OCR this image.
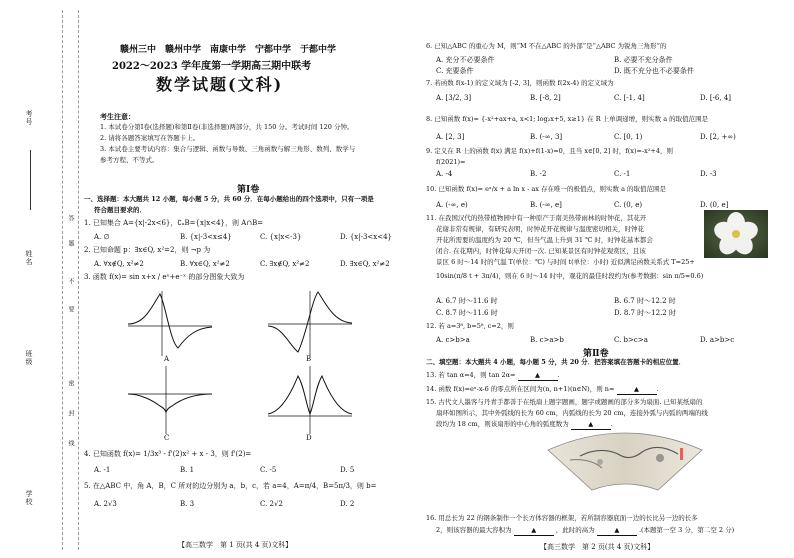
考号
姓名
班级
学校
答
题
不
要
密
封
线
赣州三中　赣州中学　南康中学　宁都中学　于都中学
2022～2023 学年度第一学期高三期中联考
数学试题(文科)
考生注意：
1. 本试卷分第Ⅰ卷(选择题)和第Ⅱ卷(非选择题)两部分，共 150 分。考试时间 120 分钟。
2. 请将各题答案填写在答题卡上。
3. 本试卷主要考试内容：集合与逻辑、函数与导数、三角函数与解三角形、数列、数学与
参考方程、不等式。
第Ⅰ卷
一、选择题：本大题共 12 小题，每小题 5 分，共 60 分．在每小题给出的四个选项中，只有一项是
符合题目要求的．
1. 已知集合 A={x|-2x<6}，∁ₐB={x|x<4}，则 A∩B=
A. ∅	B. {x|-3<x≤4}	C. {x|x<-3}	D. {x|-3<x<4}
2. 已知命题 p：∃x∈Q, x²=2，则 ¬p 为
A. ∀x∉Q, x²≠2	B. ∀x∈Q, x²≠2	C. ∃x∉Q, x²≠2	D. ∃x∈Q, x²≠2
3. 函数 f(x)= sin x+x / eˣ+e⁻ˣ 的部分图象大致为
A	B
C	D
4. 已知函数 f(x)= 1/3x³ - f'(2)x² + x - 3，则 f'(2)=
A. -1	B. 1	C. -5	D. 5
5. 在△ABC 中，角 A，B，C 所对的边分别为 a，b，c，若 a=4，A=π/4，B=5π/3，则 b=
A. 2√3	B. 3	C. 2√2	D. 2
【高三数学　第 1 页(共 4 页)文科】
6. 已知△ABC 的重心为 M，则“M 不在△ABC 的外部”是“△ABC 为锐角三角形”的
A. 充分不必要条件	B. 必要不充分条件
C. 充要条件	D. 既不充分也不必要条件
7. 若函数 f(x-1) 的定义域为 [-2, 3]，则函数 f(2x-4) 的定义域为
A. [3/2, 3]	B. [-8, 2]	C. [-1, 4]	D. [-6, 4]
8. 已知函数 f(x)= {-x²+ax+a, x<1; log₂x+5, x≥1} 在 R 上单调递增，则实数 a 的取值范围是
A. [2, 3]	B. (-∞, 3]	C. [0, 1)	D. [2, +∞)
9. 定义在 R 上的函数 f(x) 满足 f(x)+f(1-x)=0，且当 x∈[0, 2] 时，f(x)=-x²+4，则
f(2021)=
A. -4	B. -2	C. -1	D. -3
10. 已知函数 f(x)= eˣ/x + a ln x - ax 存在唯一的极值点，则实数 a 的取值范围是
A. (-∞, e)	B. (-∞, e]	C. (0, e)	D. (0, e]
11. 在我国汉代的热带植物园中有一种原产于南美热带雨林的时钟花，其花开
花谢非常有规律，有研究表明，时钟花开花规律与温度密切相关，时钟花
开花所需要的温度约为 20 ℃，但当气温上升到 31 ℃ 时，时钟花基本都会
闭合. 在花期内，时钟花每天开闭一次. 已知某景区有时钟花观赏区，且该
景区 6 时～14 时的气温 T(单位：℃) 与时间 t(单位：小时) 近似满足函数关系式 T=25+
10sin(π/8 t + 3π/4)，则在 6 时～14 时中，观花的最佳时段约为(参考数据：sin π/5≈0.6)
A. 6.7 时～11.6 时	B. 6.7 时～12.2 时
C. 8.7 时～11.6 时	D. 8.7 时～12.2 时
12. 若 a=3⁸, b=5⁸, c=2，则
A. c>b>a	B. c>a>b	C. b>c>a	D. a>b>c
第Ⅱ卷
二、填空题：本大题共 4 小题，每小题 5 分，共 20 分．把答案填在答题卡的相应位置．
13. 若 tan α=4，则 tan 2α=	▲	.
14. 函数 f(x)=eˣ-x-6 的零点所在区间为(n, n+1)(n∈N)，则 n=	▲	.
15. 古代文人墨客与丹青手都善于在纸扇上题字题画，题字或题画的部分多为扇面. 已知某纸扇的
扇环如图所示，其中外弧线的长为 60 cm，内弧线的长为 20 cm，连接外弧与内弧的两端的线
段均为 18 cm，则该扇形的中心角的弧度数为	▲	.
16. 用总长为 22 的钢条制作一个长方体容器的框架，若所制容器底面一边的长比另一边的长多
2，则该容器的最大容积为	▲	，此时的高为	▲	.(本题第一空 3 分，第二空 2 分)
【高三数学　第 2 页(共 4 页)文科】
